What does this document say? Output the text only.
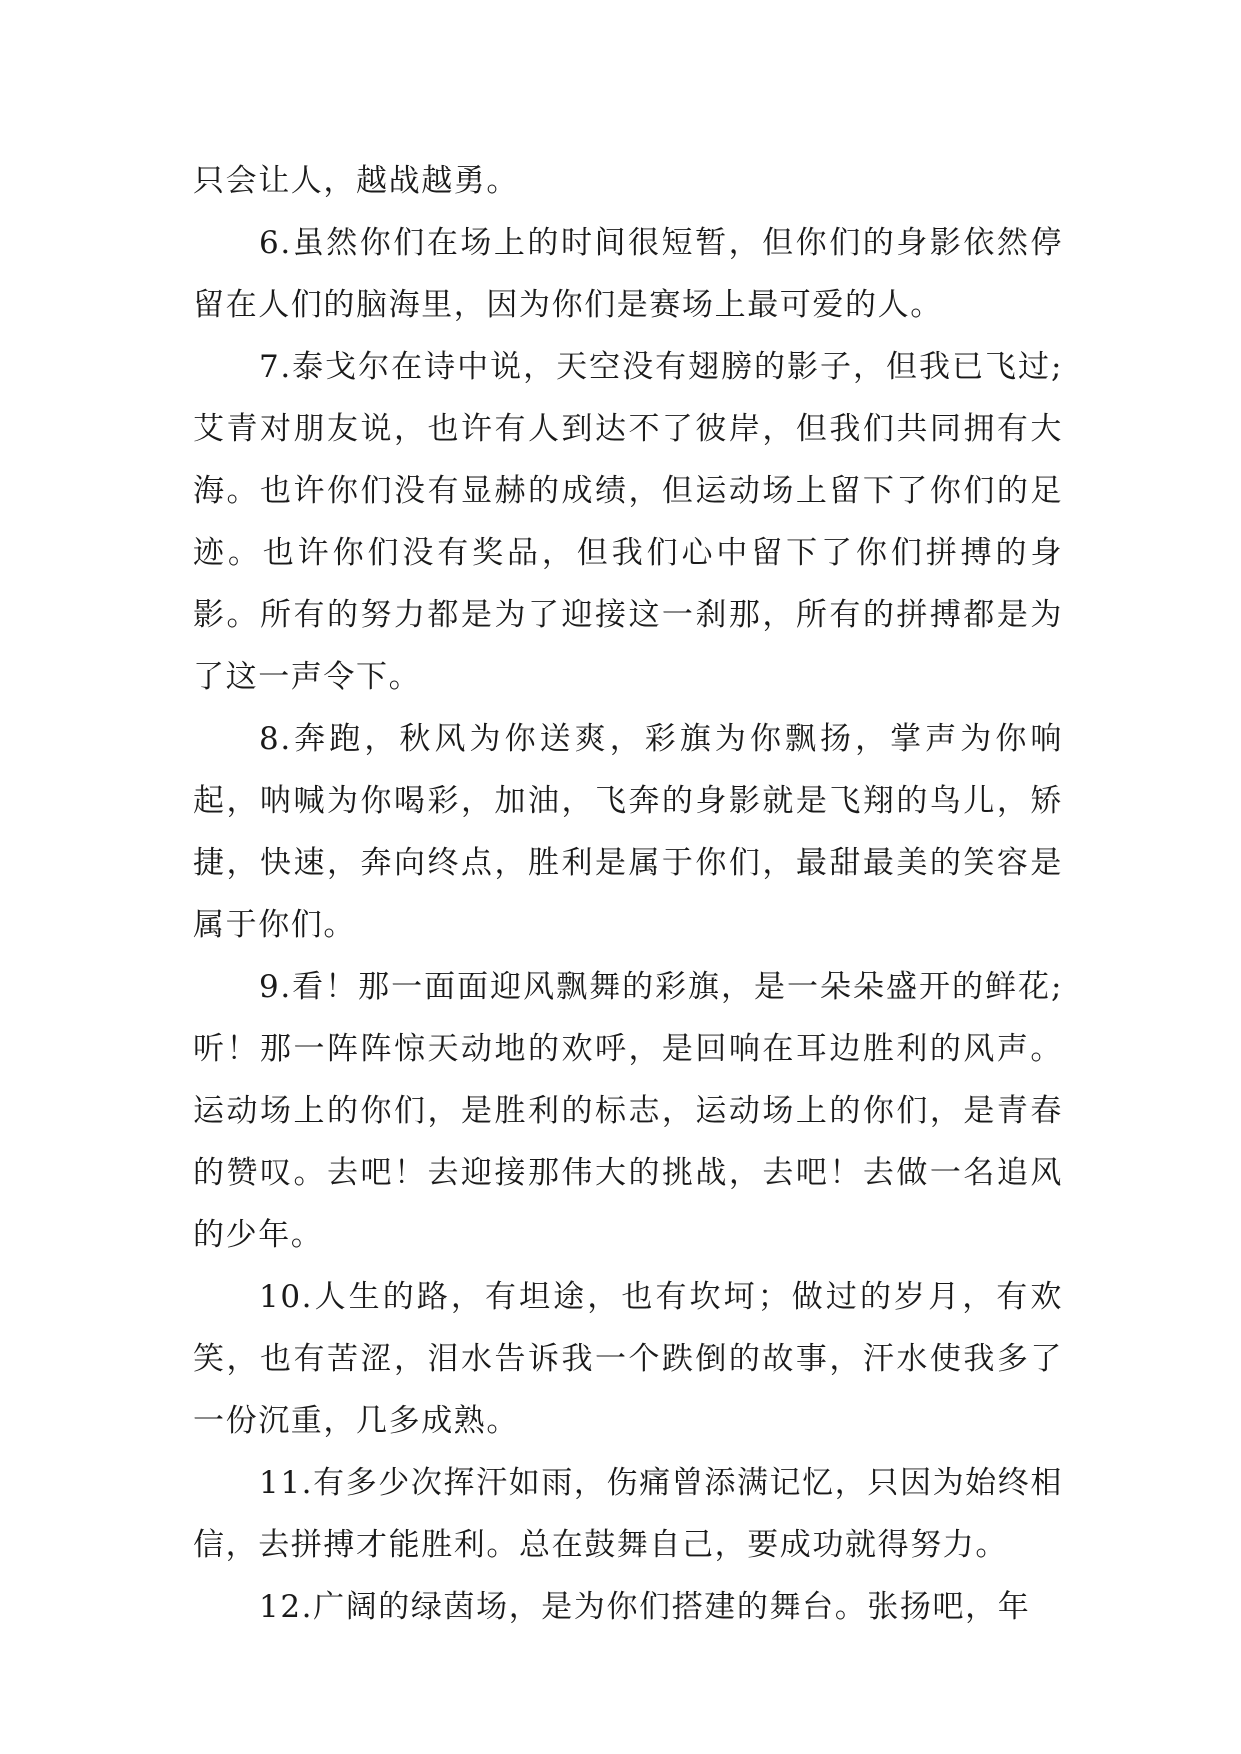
只会让人，越战越勇。

6.虽然你们在场上的时间很短暂，但你们的身影依然停留在人们的脑海里，因为你们是赛场上最可爱的人。

7.泰戈尔在诗中说，天空没有翅膀的影子，但我已飞过;艾青对朋友说，也许有人到达不了彼岸，但我们共同拥有大海。也许你们没有显赫的成绩，但运动场上留下了你们的足迹。也许你们没有奖品，但我们心中留下了你们拼搏的身影。所有的努力都是为了迎接这一刹那，所有的拼搏都是为了这一声令下。

8.奔跑，秋风为你送爽，彩旗为你飘扬，掌声为你响起，呐喊为你喝彩，加油，飞奔的身影就是飞翔的鸟儿，矫捷，快速，奔向终点，胜利是属于你们，最甜最美的笑容是属于你们。

9.看！那一面面迎风飘舞的彩旗，是一朵朵盛开的鲜花;听！那一阵阵惊天动地的欢呼，是回响在耳边胜利的风声。运动场上的你们，是胜利的标志，运动场上的你们，是青春的赞叹。去吧！去迎接那伟大的挑战，去吧！去做一名追风的少年。

10.人生的路，有坦途，也有坎坷；做过的岁月，有欢笑，也有苦涩，泪水告诉我一个跌倒的故事，汗水使我多了一份沉重，几多成熟。

11.有多少次挥汗如雨，伤痛曾添满记忆，只因为始终相信，去拼搏才能胜利。总在鼓舞自己，要成功就得努力。

12.广阔的绿茵场，是为你们搭建的舞台。张扬吧，年
